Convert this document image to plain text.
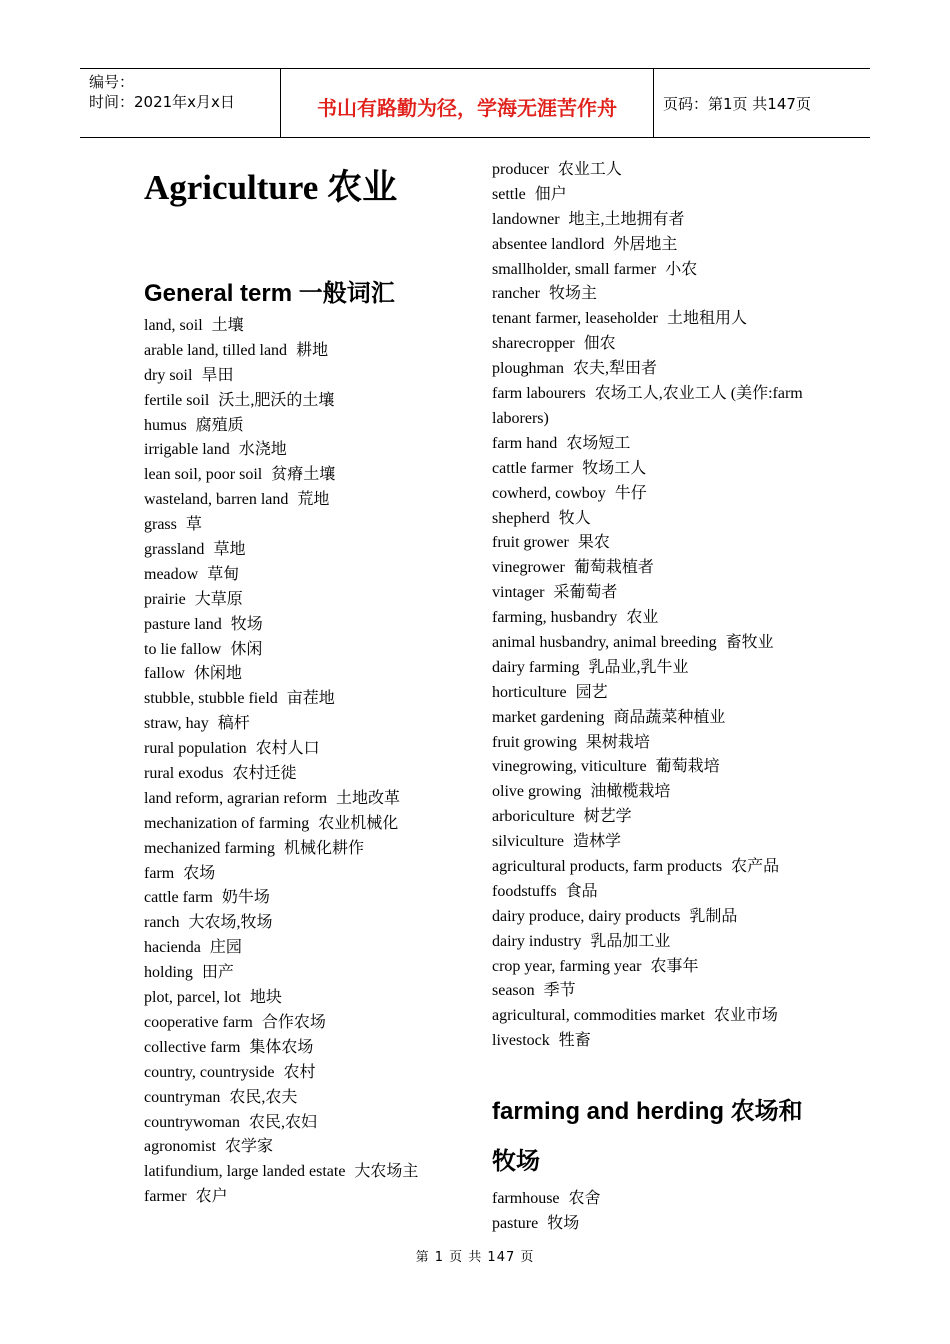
编号：
时间：2021年x月x日	书山有路勤为径，学海无涯苦作舟	页码：第1页 共147页
Agriculture 农业
General term 一般词汇
land, soil 土壤
arable land, tilled land 耕地
dry soil 旱田
fertile soil 沃土,肥沃的土壤
humus 腐殖质
irrigable land 水浇地
lean soil, poor soil 贫瘠土壤
wasteland, barren land 荒地
grass 草
grassland 草地
meadow 草甸
prairie 大草原
pasture land 牧场
to lie fallow 休闲
fallow 休闲地
stubble, stubble field 亩茬地
straw, hay 稿杆
rural population 农村人口
rural exodus 农村迁徙
land reform, agrarian reform 土地改革
mechanization of farming 农业机械化
mechanized farming 机械化耕作
farm 农场
cattle farm 奶牛场
ranch 大农场,牧场
hacienda 庄园
holding 田产
plot, parcel, lot 地块
cooperative farm 合作农场
collective farm 集体农场
country, countryside 农村
countryman 农民,农夫
countrywoman 农民,农妇
agronomist 农学家
latifundium, large landed estate 大农场主
farmer 农户
producer 农业工人
settle 佃户
landowner 地主,土地拥有者
absentee landlord 外居地主
smallholder, small farmer 小农
rancher 牧场主
tenant farmer, leaseholder 土地租用人
sharecropper 佃农
ploughman 农夫,犁田者
farm labourers 农场工人,农业工人 (美作:farm laborers)
farm hand 农场短工
cattle farmer 牧场工人
cowherd, cowboy 牛仔
shepherd 牧人
fruit grower 果农
vinegrower 葡萄栽植者
vintager 采葡萄者
farming, husbandry 农业
animal husbandry, animal breeding 畜牧业
dairy farming 乳品业,乳牛业
horticulture 园艺
market gardening 商品蔬菜种植业
fruit growing 果树栽培
vinegrowing, viticulture 葡萄栽培
olive growing 油橄榄栽培
arboriculture 树艺学
silviculture 造林学
agricultural products, farm products 农产品
foodstuffs 食品
dairy produce, dairy products 乳制品
dairy industry 乳品加工业
crop year, farming year 农事年
season 季节
agricultural, commodities market 农业市场
livestock 牲畜
farming and herding 农场和牧场
farmhouse 农舍
pasture 牧场
第 1 页 共 147 页
